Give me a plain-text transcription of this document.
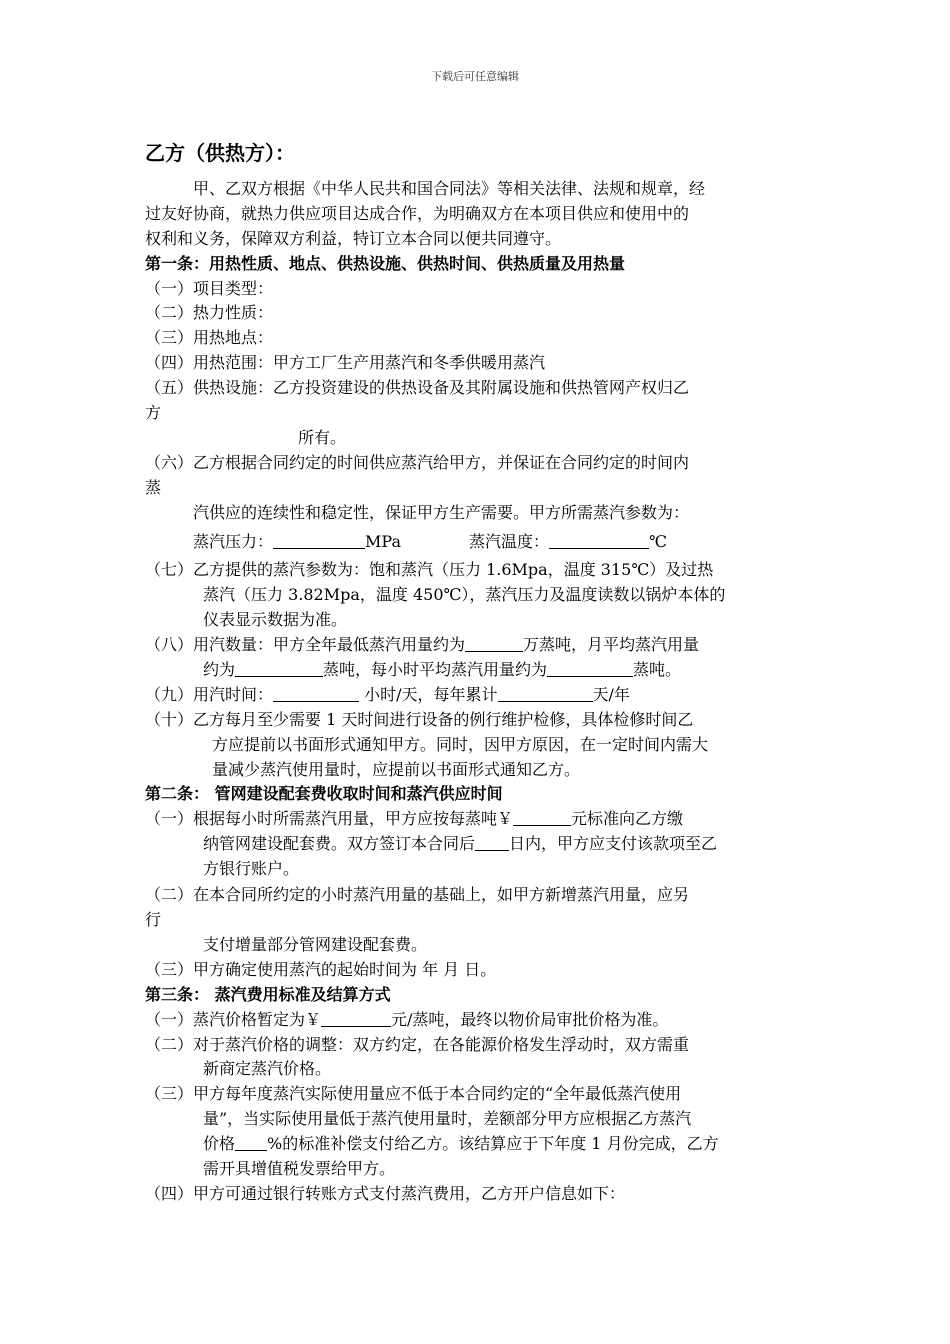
下载后可任意编辑
乙方（供热方）：
甲、乙双方根据《中华人民共和国合同法》等相关法律、法规和规章，经
过友好协商，就热力供应项目达成合作，为明确双方在本项目供应和使用中的
权利和义务，保障双方利益，特订立本合同以便共同遵守。
第一条：用热性质、地点、供热设施、供热时间、供热质量及用热量
（一）项目类型：
（二）热力性质：
（三）用热地点：
（四）用热范围：甲方工厂生产用蒸汽和冬季供暖用蒸汽
（五）供热设施：乙方投资建设的供热设备及其附属设施和供热管网产权归乙
方
所有。
（六）乙方根据合同约定的时间供应蒸汽给甲方，并保证在合同约定的时间内
蒸
汽供应的连续性和稳定性，保证甲方生产需要。甲方所需蒸汽参数为：
蒸汽压力：	MPa	蒸汽温度：	℃
（七）乙方提供的蒸汽参数为：饱和蒸汽（压力 1.6Mpa，温度 315℃）及过热
蒸汽（压力 3.82Mpa，温度 450℃），蒸汽压力及温度读数以锅炉本体的
仪表显示数据为准。
（八）用汽数量：甲方全年最低蒸汽用量约为	万蒸吨，月平均蒸汽用量
约为	蒸吨，每小时平均蒸汽用量约为	蒸吨。
（九）用汽时间：	小时/天，每年累计	天/年
（十）乙方每月至少需要 1 天时间进行设备的例行维护检修，具体检修时间乙
方应提前以书面形式通知甲方。同时，因甲方原因，在一定时间内需大
量减少蒸汽使用量时，应提前以书面形式通知乙方。
第二条： 管网建设配套费收取时间和蒸汽供应时间
（一）根据每小时所需蒸汽用量，甲方应按每蒸吨￥	元标准向乙方缴
纳管网建设配套费。双方签订本合同后 日内，甲方应支付该款项至乙
方银行账户。
（二）在本合同所约定的小时蒸汽用量的基础上，如甲方新增蒸汽用量，应另
行
支付增量部分管网建设配套费。
（三）甲方确定使用蒸汽的起始时间为 年 月 日。
第三条： 蒸汽费用标准及结算方式
（一）蒸汽价格暂定为￥	元/蒸吨，最终以物价局审批价格为准。
（二）对于蒸汽价格的调整：双方约定，在各能源价格发生浮动时，双方需重
新商定蒸汽价格。
（三）甲方每年度蒸汽实际使用量应不低于本合同约定的“全年最低蒸汽使用
量”，当实际使用量低于蒸汽使用量时，差额部分甲方应根据乙方蒸汽
价格 %的标准补偿支付给乙方。该结算应于下年度 1 月份完成，乙方
需开具增值税发票给甲方。
（四）甲方可通过银行转账方式支付蒸汽费用，乙方开户信息如下：
